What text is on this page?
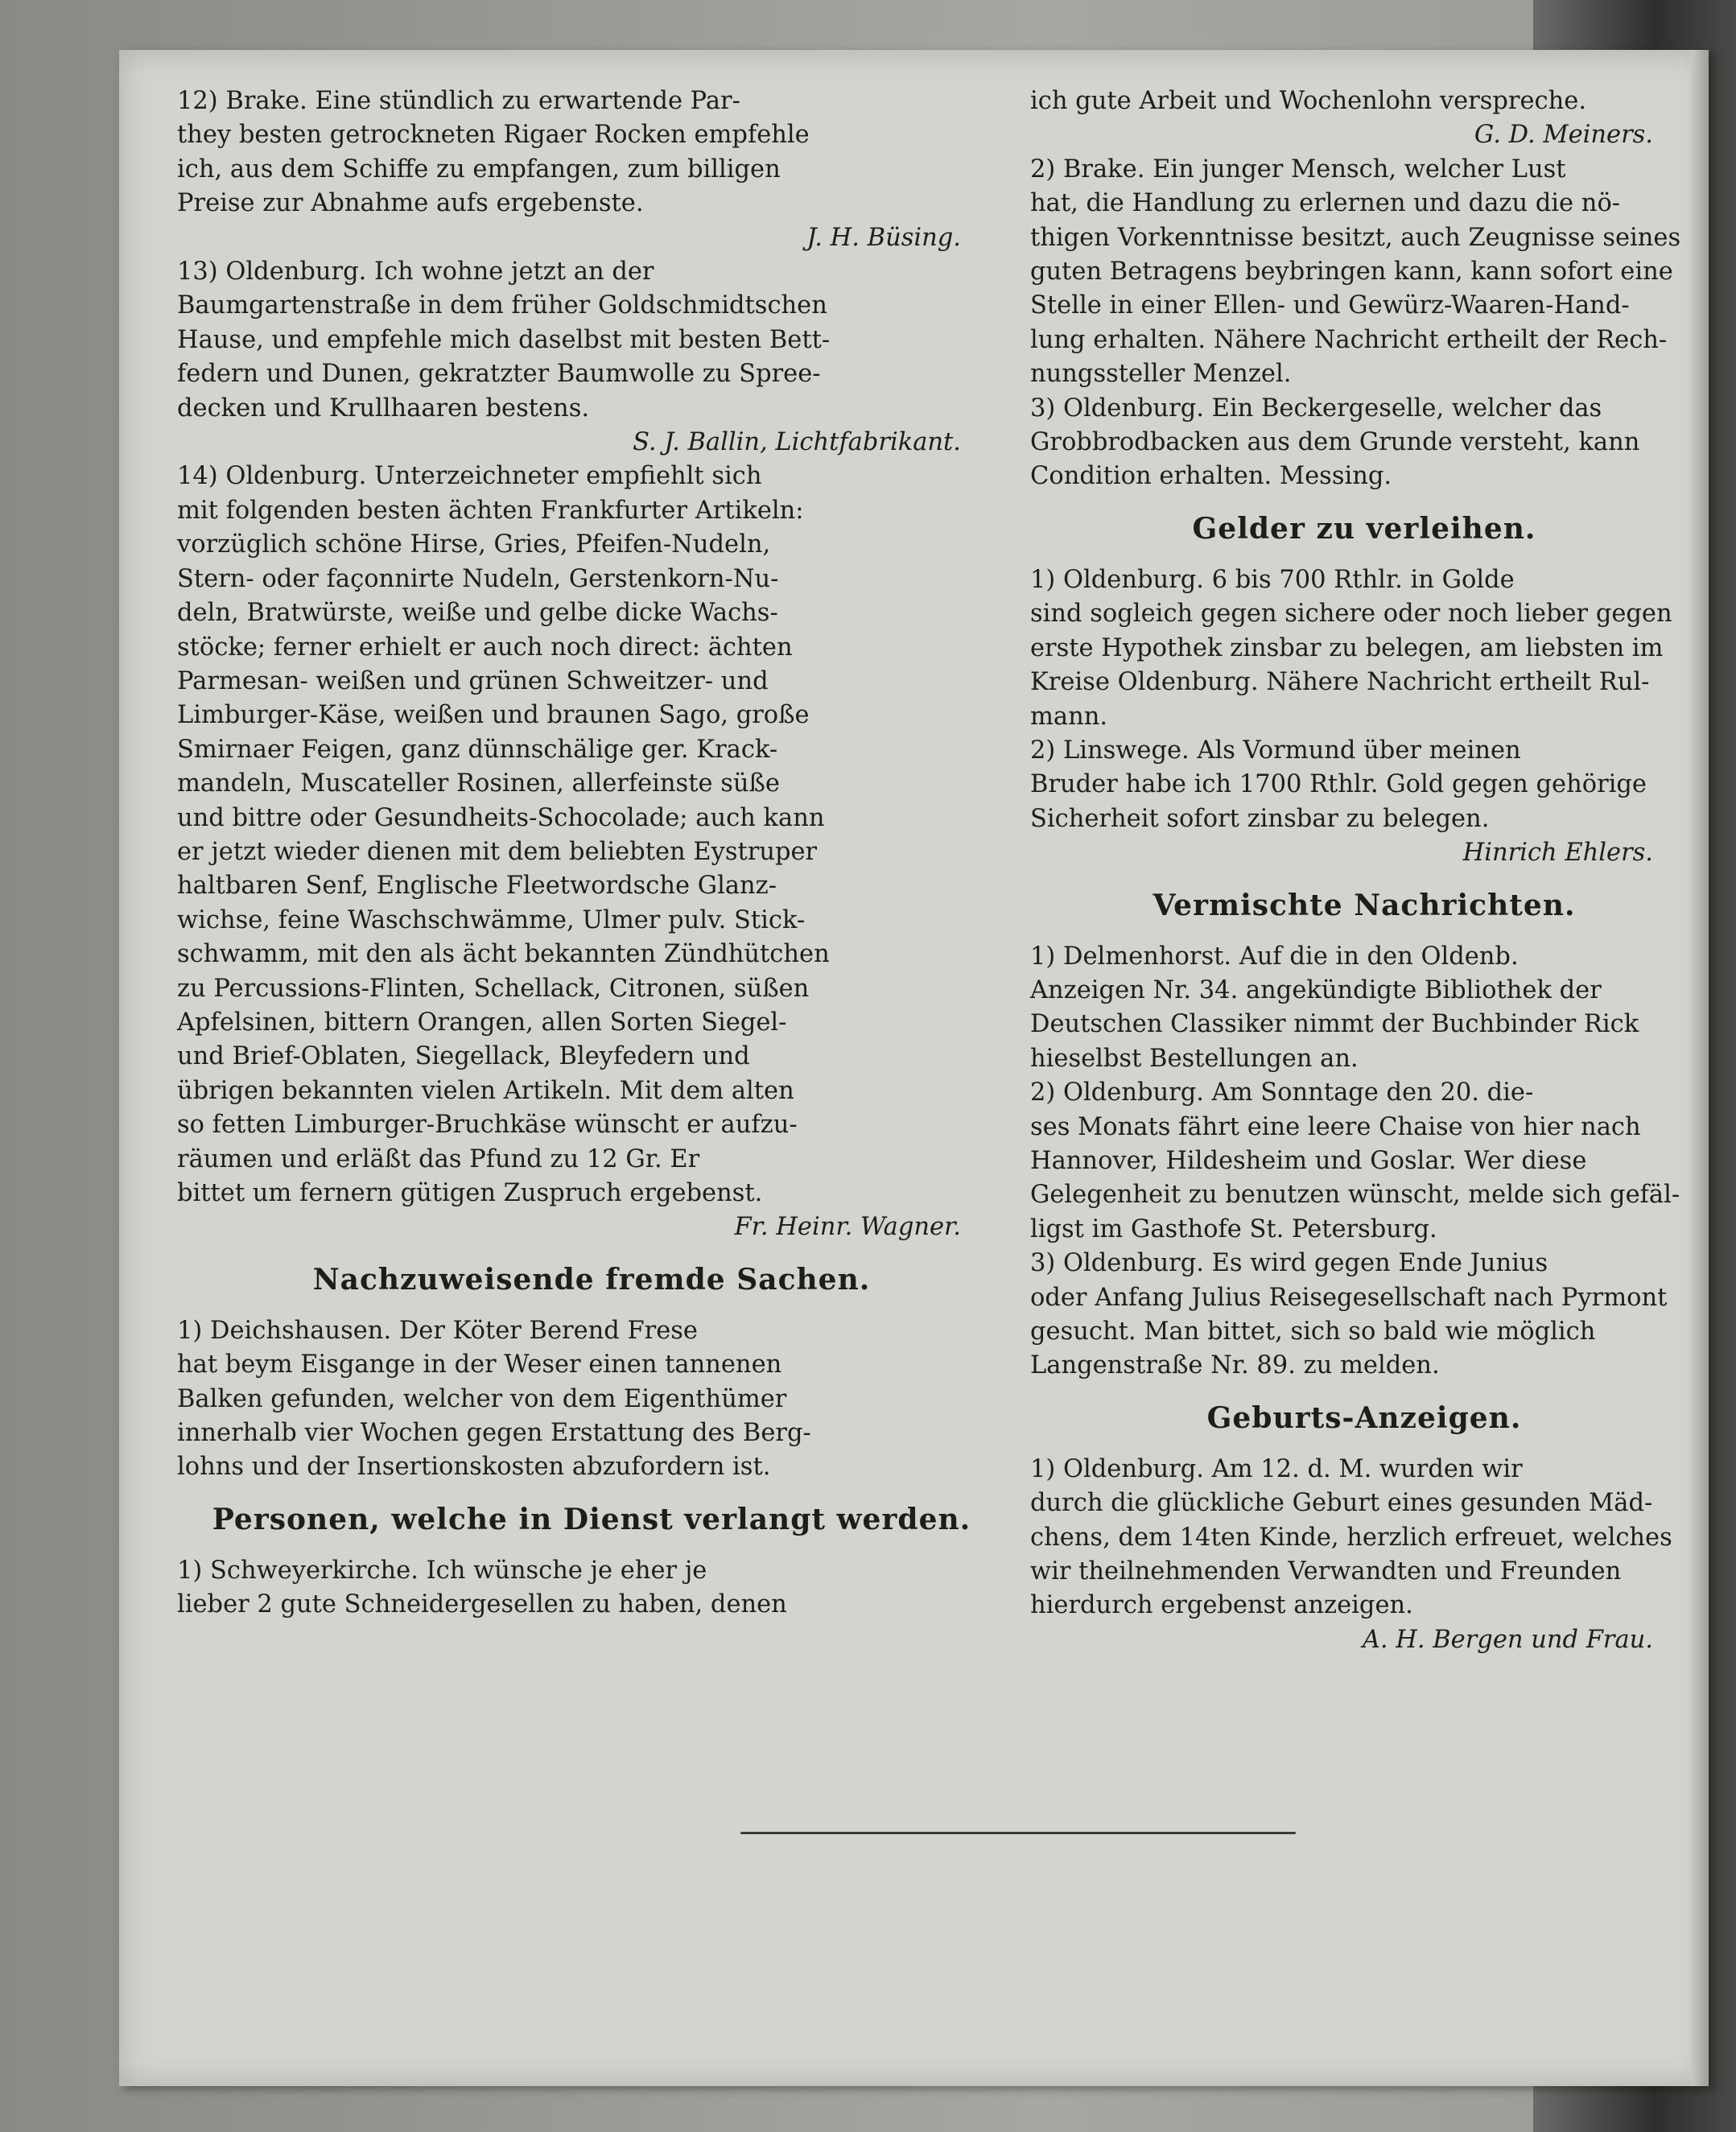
12) Brake. Eine stündlich zu erwartende Par-
they besten getrockneten Rigaer Rocken empfehle
ich, aus dem Schiffe zu empfangen, zum billigen
Preise zur Abnahme aufs ergebenste.

J. H. Büsing.

13) Oldenburg. Ich wohne jetzt an der
Baumgartenstraße in dem früher Goldschmidtschen
Hause, und empfehle mich daselbst mit besten Bett-
federn und Dunen, gekratzter Baumwolle zu Spree-
decken und Krullhaaren bestens.

S. J. Ballin, Lichtfabrikant.

14) Oldenburg. Unterzeichneter empfiehlt sich
mit folgenden besten ächten Frankfurter Artikeln:
vorzüglich schöne Hirse, Gries, Pfeifen-Nudeln,
Stern- oder façonnirte Nudeln, Gerstenkorn-Nu-
deln, Bratwürste, weiße und gelbe dicke Wachs-
stöcke; ferner erhielt er auch noch direct: ächten
Parmesan- weißen und grünen Schweitzer- und
Limburger-Käse, weißen und braunen Sago, große
Smirnaer Feigen, ganz dünnschälige ger. Krack-
mandeln, Muscateller Rosinen, allerfeinste süße
und bittre oder Gesundheits-Schocolade; auch kann
er jetzt wieder dienen mit dem beliebten Eystruper
haltbaren Senf, Englische Fleetwordsche Glanz-
wichse, feine Waschschwämme, Ulmer pulv. Stick-
schwamm, mit den als ächt bekannten Zündhütchen
zu Percussions-Flinten, Schellack, Citronen, süßen
Apfelsinen, bittern Orangen, allen Sorten Siegel-
und Brief-Oblaten, Siegellack, Bleyfedern und
übrigen bekannten vielen Artikeln. Mit dem alten
so fetten Limburger-Bruchkäse wünscht er aufzu-
räumen und erläßt das Pfund zu 12 Gr. Er
bittet um fernern gütigen Zuspruch ergebenst.

Fr. Heinr. Wagner.

Nachzuweisende fremde Sachen.
1) Deichshausen. Der Köter Berend Frese
hat beym Eisgange in der Weser einen tannenen
Balken gefunden, welcher von dem Eigenthümer
innerhalb vier Wochen gegen Erstattung des Berg-
lohns und der Insertionskosten abzufordern ist.
Personen, welche in Dienst verlangt werden.
1) Schweyerkirche. Ich wünsche je eher je
lieber 2 gute Schneidergesellen zu haben, denen
ich gute Arbeit und Wochenlohn verspreche.

G. D. Meiners.

2) Brake. Ein junger Mensch, welcher Lust
hat, die Handlung zu erlernen und dazu die nö-
thigen Vorkenntnisse besitzt, auch Zeugnisse seines
guten Betragens beybringen kann, kann sofort eine
Stelle in einer Ellen- und Gewürz-Waaren-Hand-
lung erhalten. Nähere Nachricht ertheilt der Rech-
nungssteller Menzel.
3) Oldenburg. Ein Beckergeselle, welcher das
Grobbrodbacken aus dem Grunde versteht, kann
Condition erhalten. Messing.
Gelder zu verleihen.
1) Oldenburg. 6 bis 700 Rthlr. in Golde
sind sogleich gegen sichere oder noch lieber gegen
erste Hypothek zinsbar zu belegen, am liebsten im
Kreise Oldenburg. Nähere Nachricht ertheilt Rul-
mann.
2) Linswege. Als Vormund über meinen
Bruder habe ich 1700 Rthlr. Gold gegen gehörige
Sicherheit sofort zinsbar zu belegen.

Hinrich Ehlers.

Vermischte Nachrichten.
1) Delmenhorst. Auf die in den Oldenb.
Anzeigen Nr. 34. angekündigte Bibliothek der
Deutschen Classiker nimmt der Buchbinder Rick
hieselbst Bestellungen an.
2) Oldenburg. Am Sonntage den 20. die-
ses Monats fährt eine leere Chaise von hier nach
Hannover, Hildesheim und Goslar. Wer diese
Gelegenheit zu benutzen wünscht, melde sich gefäl-
ligst im Gasthofe St. Petersburg.
3) Oldenburg. Es wird gegen Ende Junius
oder Anfang Julius Reisegesellschaft nach Pyrmont
gesucht. Man bittet, sich so bald wie möglich
Langenstraße Nr. 89. zu melden.
Geburts-Anzeigen.
1) Oldenburg. Am 12. d. M. wurden wir
durch die glückliche Geburt eines gesunden Mäd-
chens, dem 14ten Kinde, herzlich erfreuet, welches
wir theilnehmenden Verwandten und Freunden
hierdurch ergebenst anzeigen.

A. H. Bergen und Frau.
